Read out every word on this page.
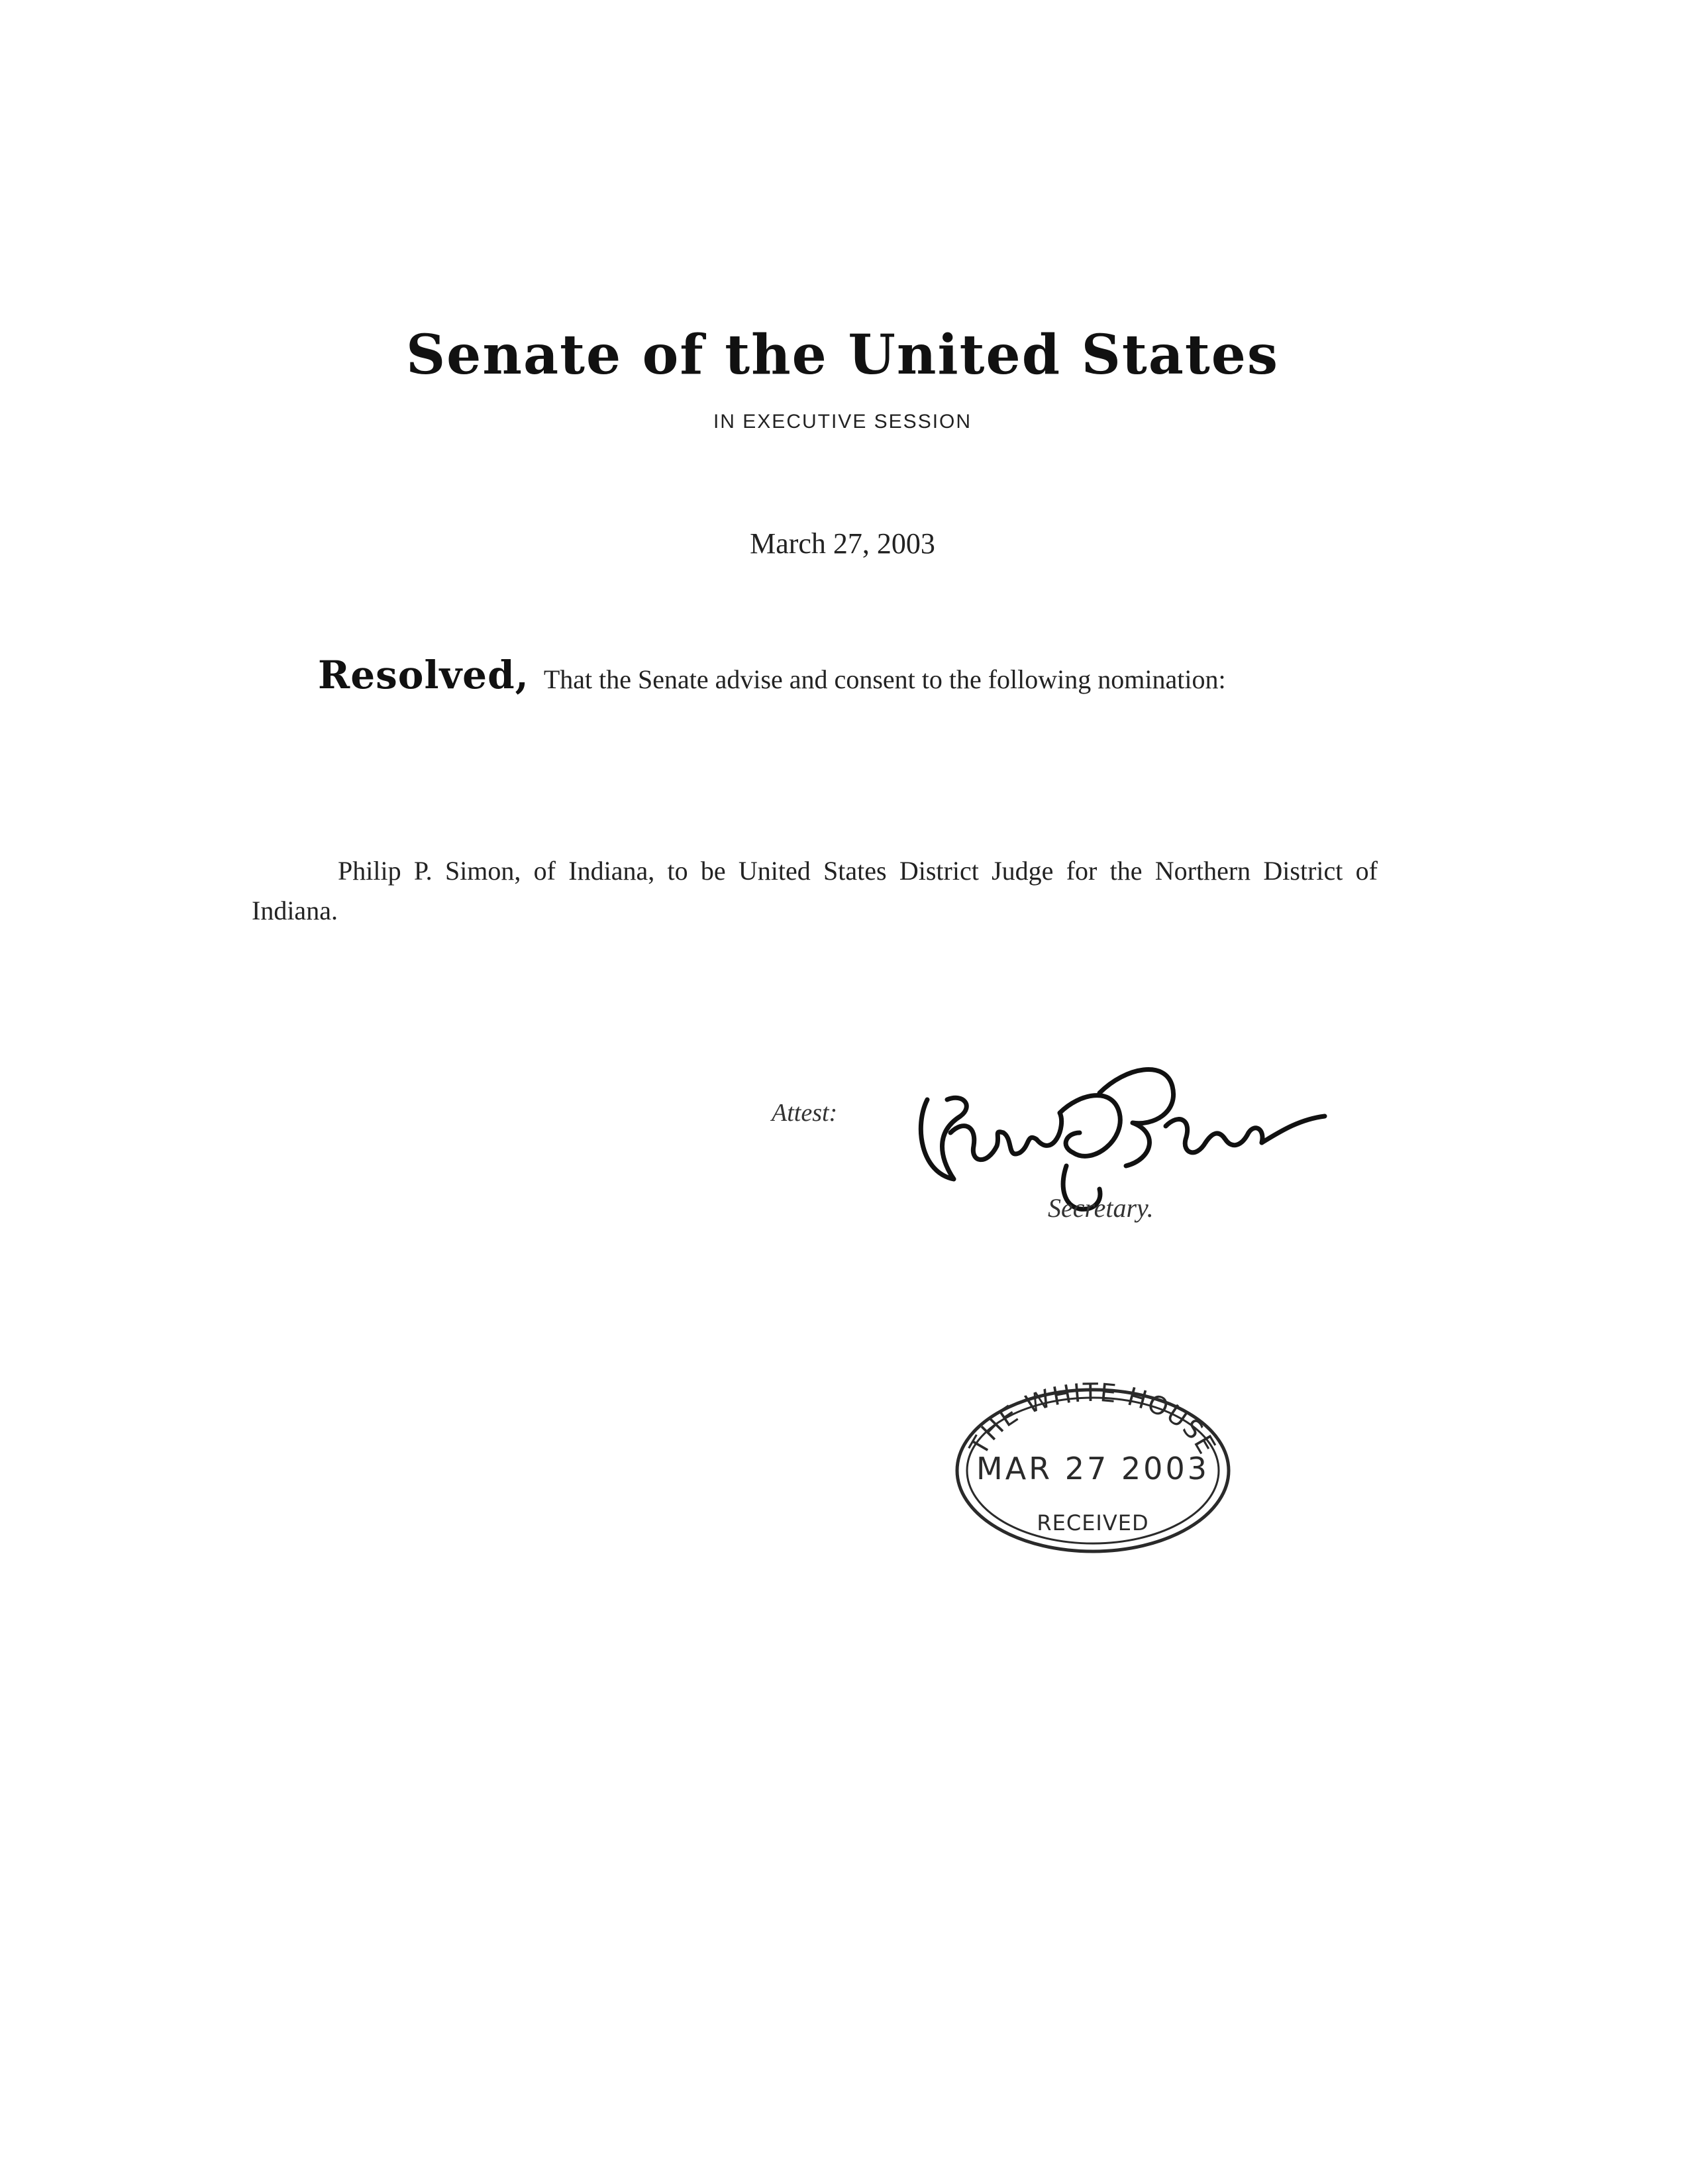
Senate of the United States
IN EXECUTIVE SESSION
March 27, 2003
Resolved, That the Senate advise and consent to the following nomination:

Philip P. Simon, of Indiana, to be United States District Judge for the Northern District of Indiana.

Attest:
Secretary.
THE WHITE HOUSE
MAR 27 2003
RECEIVED
